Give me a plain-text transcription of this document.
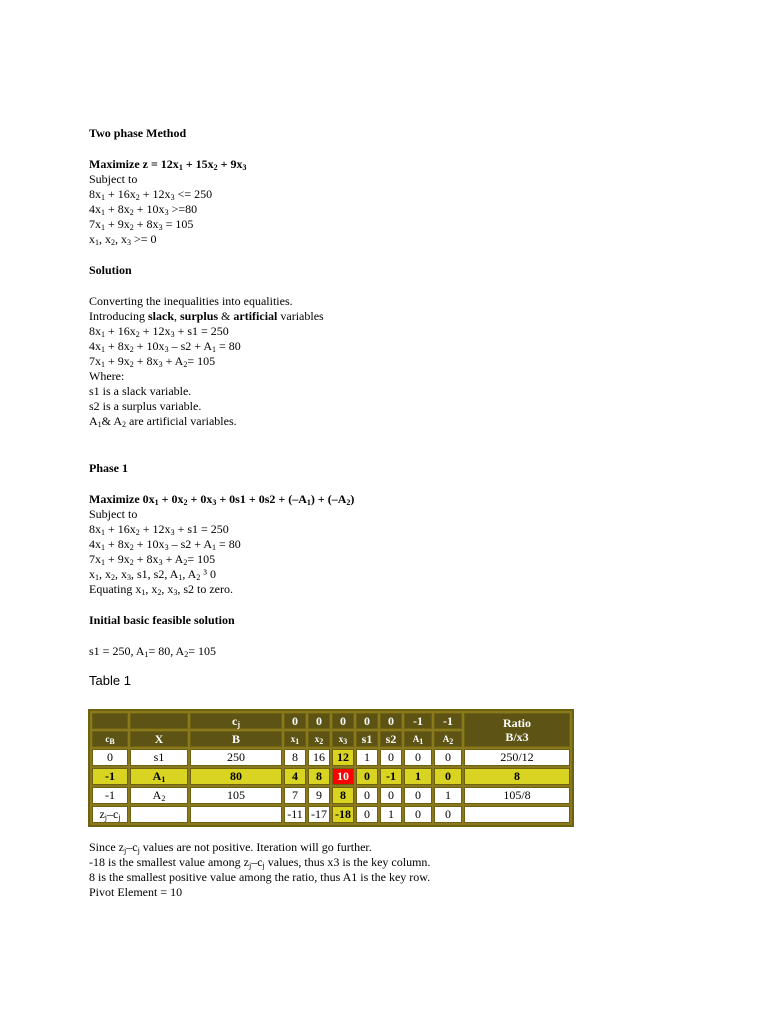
Two phase Method

Maximize $z = 12x_1 + 15x_2 + 9x_3$

Subject to

$8x_1 + 16x_2 + 12x_3 <= 250$

$4x_1 + 8x_2 + 10x_3 >=80$

$7x_1 + 9x_2 + 8x_3 = 105$

$x_1$, $x_2$, $x_3 >= 0$

Solution

Converting the inequalities into equalities.

Introducing slack, surplus & artificial variables

$8x_1 + 16x_2 + 12x_3 + s1 = 250$

$4x_1 + 8x_2 + 10x_3 - s2 + A_1 = 80$

$7x_1 + 9x_2 + 8x_3 + A_2= 105$

Where:

s1 is a slack variable.

s2 is a surplus variable.

$A_1\&$ $A_2$ are artificial variables.

Phase 1

Maximize $0x_1 + 0x_2 + 0x_3 + 0s1 + 0s2 + (-A_1) + (-A_2)$

Subject to

$8x_1 + 16x_2 + 12x_3 + s1 = 250$

$4x_1 + 8x_2 + 10x_3 - s2 + A_1 = 80$

$7x_1 + 9x_2 + 8x_3 + A_2= 105$

$x_1$, $x_2$, $x_3$, s1, s2, $A_1$, $A_2$ ³ 0

Equating $x_1$, $x_2$, $x_3$, s2 to zero.

Initial basic feasible solution

s1 = 250, $A_1= 80$, $A_2= 105$

Table 1

		$c_j$	0	0	0	0	0	-1	-1	Ratio
B/x3
cB	X	B	x1	x2	x3	s1	s2	A1	A2	
0	s1	250	8	16	12	1	0	0	0	250/12
-1	$A_1$	80	4	8	10	0	-1	1	0	8
-1	$A_2$	105	7	9	8	0	0	0	1	105/8
$z_j-c_j$			-11	-17	-18	0	1	0	0	

Since $z_j-c_j$ values are not positive. Iteration will go further.

-18 is the smallest value among $z_j-c_j$ values, thus x3 is the key column.

8 is the smallest positive value among the ratio, thus A1 is the key row.

Pivot Element = 10
